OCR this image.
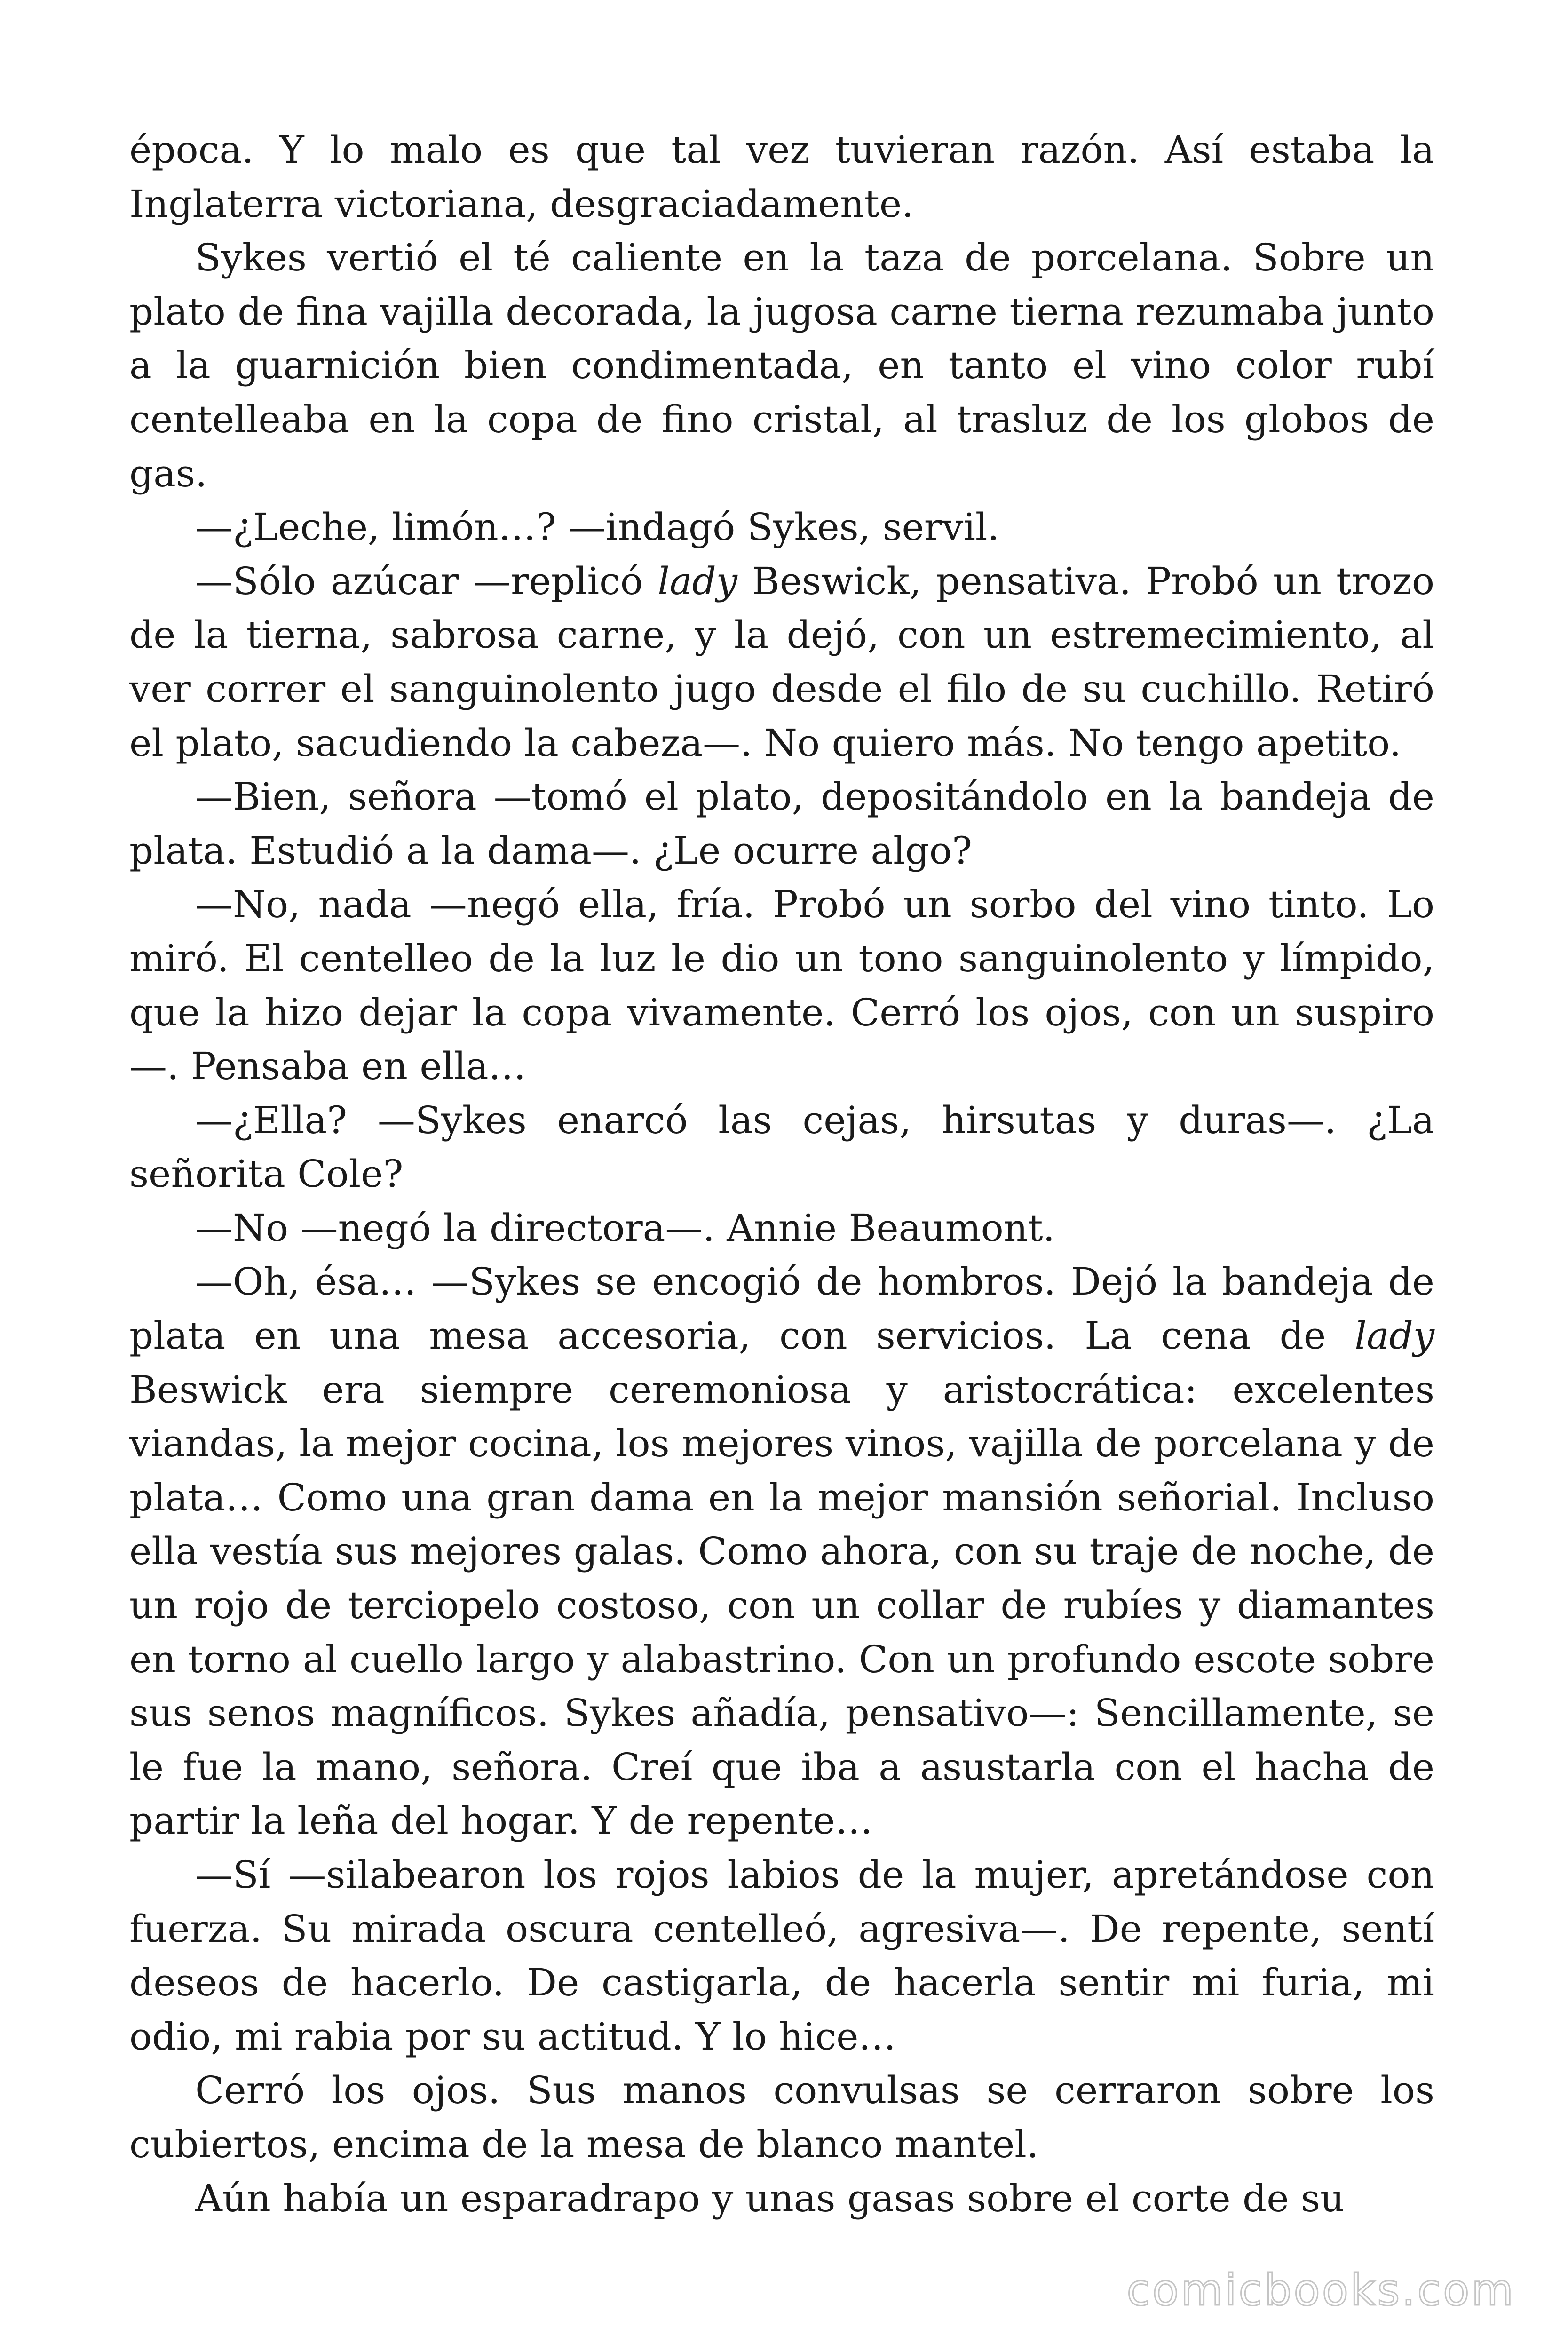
época. Y lo malo es que tal vez tuvieran razón. Así estaba la Inglaterra victoriana, desgraciadamente.

Sykes vertió el té caliente en la taza de porcelana. Sobre un plato de fina vajilla decorada, la jugosa carne tierna rezumaba junto a la guarnición bien condimentada, en tanto el vino color rubí centelleaba en la copa de fino cristal, al trasluz de los globos de gas.

—¿Leche, limón…? —indagó Sykes, servil.

—Sólo azúcar —replicó lady Beswick, pensativa. Probó un trozo de la tierna, sabrosa carne, y la dejó, con un estremecimiento, al ver correr el sanguinolento jugo desde el filo de su cuchillo. Retiró el plato, sacudiendo la cabeza—. No quiero más. No tengo apetito.

—Bien, señora —tomó el plato, depositándolo en la bandeja de plata. Estudió a la dama—. ¿Le ocurre algo?

—No, nada —negó ella, fría. Probó un sorbo del vino tinto. Lo miró. El centelleo de la luz le dio un tono sanguinolento y límpido, que la hizo dejar la copa vivamente. Cerró los ojos, con un suspiro —. Pensaba en ella…

—¿Ella? —Sykes enarcó las cejas, hirsutas y duras—. ¿La señorita Cole?

—No —negó la directora—. Annie Beaumont.

—Oh, ésa… —Sykes se encogió de hombros. Dejó la bandeja de plata en una mesa accesoria, con servicios. La cena de lady Beswick era siempre ceremoniosa y aristocrática: excelentes viandas, la mejor cocina, los mejores vinos, vajilla de porcelana y de plata… Como una gran dama en la mejor mansión señorial. Incluso ella vestía sus mejores galas. Como ahora, con su traje de noche, de un rojo de terciopelo costoso, con un collar de rubíes y diamantes en torno al cuello largo y alabastrino. Con un profundo escote sobre sus senos magníficos. Sykes añadía, pensativo—: Sencillamente, se le fue la mano, señora. Creí que iba a asustarla con el hacha de partir la leña del hogar. Y de repente…

—Sí —silabearon los rojos labios de la mujer, apretándose con fuerza. Su mirada oscura centelleó, agresiva—. De repente, sentí deseos de hacerlo. De castigarla, de hacerla sentir mi furia, mi odio, mi rabia por su actitud. Y lo hice…

Cerró los ojos. Sus manos convulsas se cerraron sobre los cubiertos, encima de la mesa de blanco mantel.

Aún había un esparadrapo y unas gasas sobre el corte de su

comicbooks.com
